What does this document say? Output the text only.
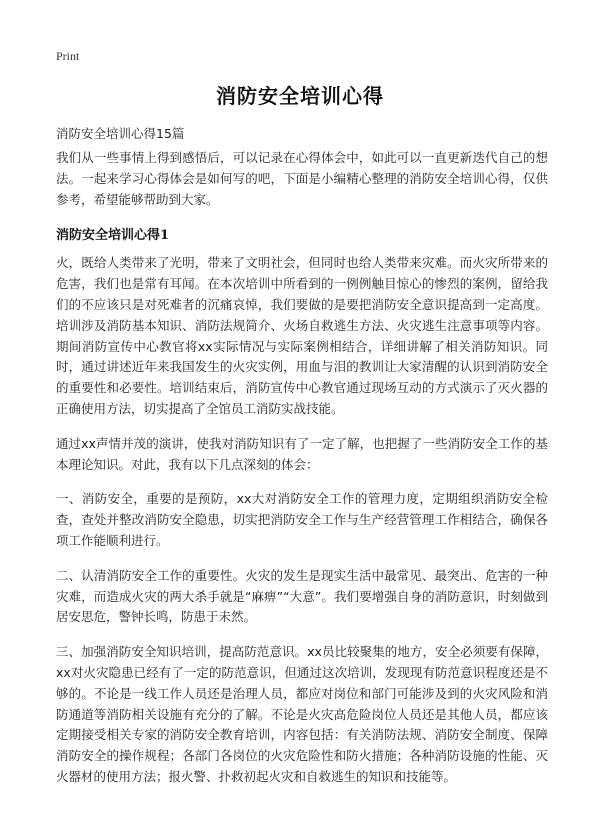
Print
消防安全培训心得
消防安全培训心得15篇

我们从一些事情上得到感悟后，可以记录在心得体会中，如此可以一直更新迭代自己的想法。一起来学习心得体会是如何写的吧，下面是小编精心整理的消防安全培训心得，仅供参考，希望能够帮助到大家。

消防安全培训心得1

火，既给人类带来了光明，带来了文明社会，但同时也给人类带来灾难。而火灾所带来的危害，我们也是常有耳闻。在本次培训中所看到的一例例触目惊心的惨烈的案例，留给我们的不应该只是对死难者的沉痛哀悼，我们要做的是要把消防安全意识提高到一定高度。培训涉及消防基本知识、消防法规简介、火场自救逃生方法、火灾逃生注意事项等内容。期间消防宣传中心教官将xx实际情况与实际案例相结合，详细讲解了相关消防知识。同时，通过讲述近年来我国发生的火灾实例，用血与泪的教训让大家清醒的认识到消防安全的重要性和必要性。培训结束后，消防宣传中心教官通过现场互动的方式演示了灭火器的正确使用方法，切实提高了全馆员工消防实战技能。

通过xx声情并茂的演讲，使我对消防知识有了一定了解，也把握了一些消防安全工作的基本理论知识。对此，我有以下几点深刻的体会：

一、消防安全，重要的是预防，xx大对消防安全工作的管理力度，定期组织消防安全检查，查处并整改消防安全隐患，切实把消防安全工作与生产经营管理工作相结合，确保各项工作能顺利进行。

二、认清消防安全工作的重要性。火灾的发生是现实生活中最常见、最突出、危害的一种灾难，而造成火灾的两大杀手就是“麻痹”“大意”。我们要增强自身的消防意识，时刻做到居安思危，警钟长鸣，防患于未然。

三、加强消防安全知识培训，提高防范意识。xx员比较聚集的地方，安全必须要有保障，xx对火灾隐患已经有了一定的防范意识，但通过这次培训，发现现有防范意识程度还是不够的。不论是一线工作人员还是治理人员，都应对岗位和部门可能涉及到的火灾风险和消防通道等消防相关设施有充分的了解。不论是火灾高危险岗位人员还是其他人员，都应该定期接受相关专家的消防安全教育培训，内容包括：有关消防法规、消防安全制度、保障消防安全的操作规程；各部门各岗位的火灾危险性和防火措施；各种消防设施的性能、灭火器材的使用方法；报火警、扑救初起火灾和自救逃生的知识和技能等。
